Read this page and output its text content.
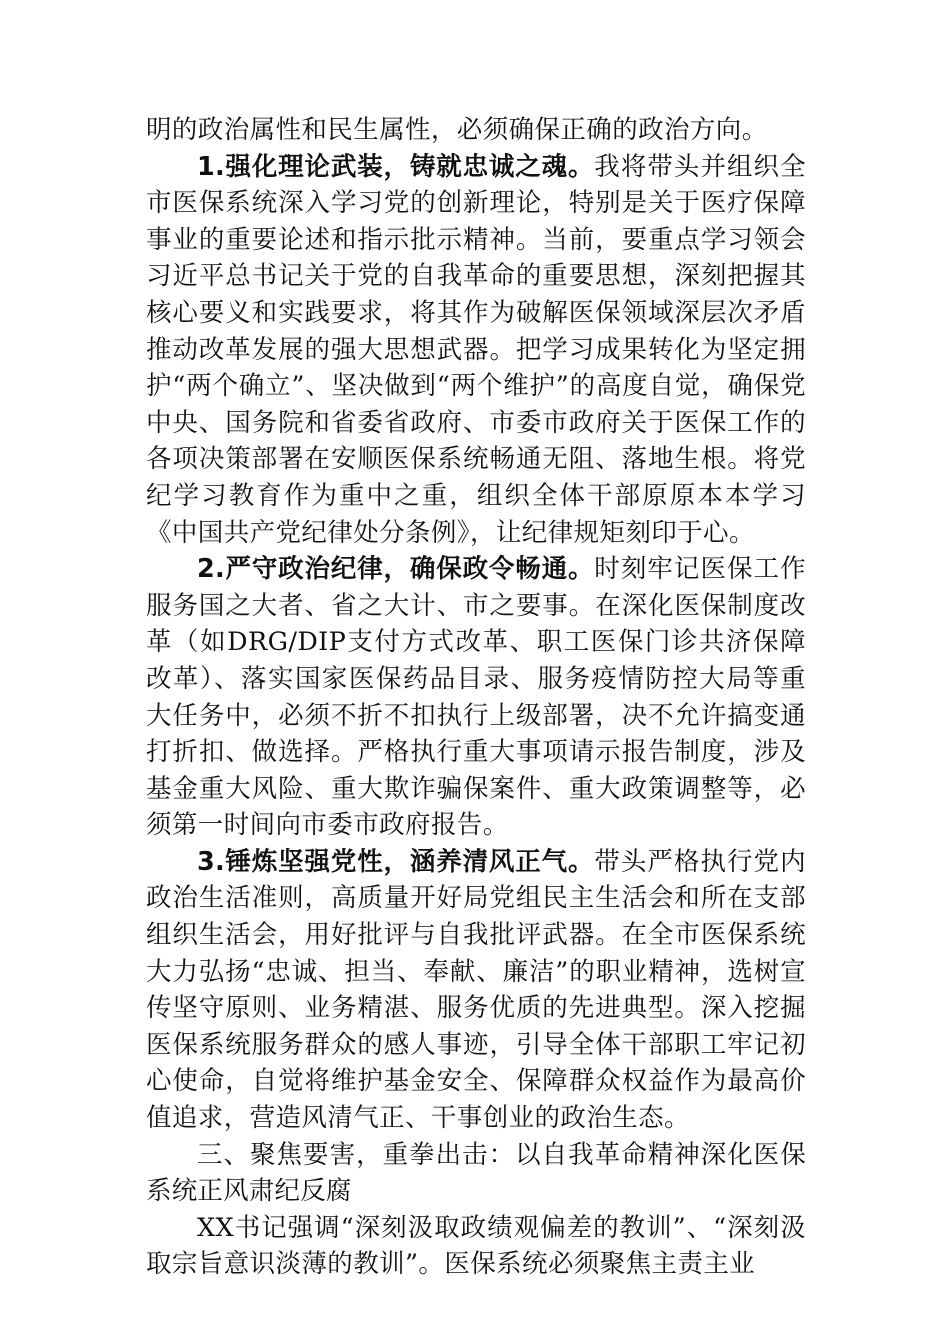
明的政治属性和民生属性，必须确保正确的政治方向。

1.强化理论武装，铸就忠诚之魂。我将带头并组织全市医保系统深入学习党的创新理论，特别是关于医疗保障事业的重要论述和指示批示精神。当前，要重点学习领会习近平总书记关于党的自我革命的重要思想，深刻把握其核心要义和实践要求，将其作为破解医保领域深层次矛盾推动改革发展的强大思想武器。把学习成果转化为坚定拥护“两个确立”、坚决做到“两个维护”的高度自觉，确保党中央、国务院和省委省政府、市委市政府关于医保工作的各项决策部署在安顺医保系统畅通无阻、落地生根。将党纪学习教育作为重中之重，组织全体干部原原本本学习《中国共产党纪律处分条例》，让纪律规矩刻印于心。

2.严守政治纪律，确保政令畅通。时刻牢记医保工作服务国之大者、省之大计、市之要事。在深化医保制度改革（如DRG/DIP支付方式改革、职工医保门诊共济保障改革）、落实国家医保药品目录、服务疫情防控大局等重大任务中，必须不折不扣执行上级部署，决不允许搞变通打折扣、做选择。严格执行重大事项请示报告制度，涉及基金重大风险、重大欺诈骗保案件、重大政策调整等，必须第一时间向市委市政府报告。

3.锤炼坚强党性，涵养清风正气。带头严格执行党内政治生活准则，高质量开好局党组民主生活会和所在支部组织生活会，用好批评与自我批评武器。在全市医保系统大力弘扬“忠诚、担当、奉献、廉洁”的职业精神，选树宣传坚守原则、业务精湛、服务优质的先进典型。深入挖掘医保系统服务群众的感人事迹，引导全体干部职工牢记初心使命，自觉将维护基金安全、保障群众权益作为最高价值追求，营造风清气正、干事创业的政治生态。

三、聚焦要害，重拳出击：以自我革命精神深化医保系统正风肃纪反腐

XX书记强调“深刻汲取政绩观偏差的教训”、“深刻汲取宗旨意识淡薄的教训”。医保系统必须聚焦主责主业
